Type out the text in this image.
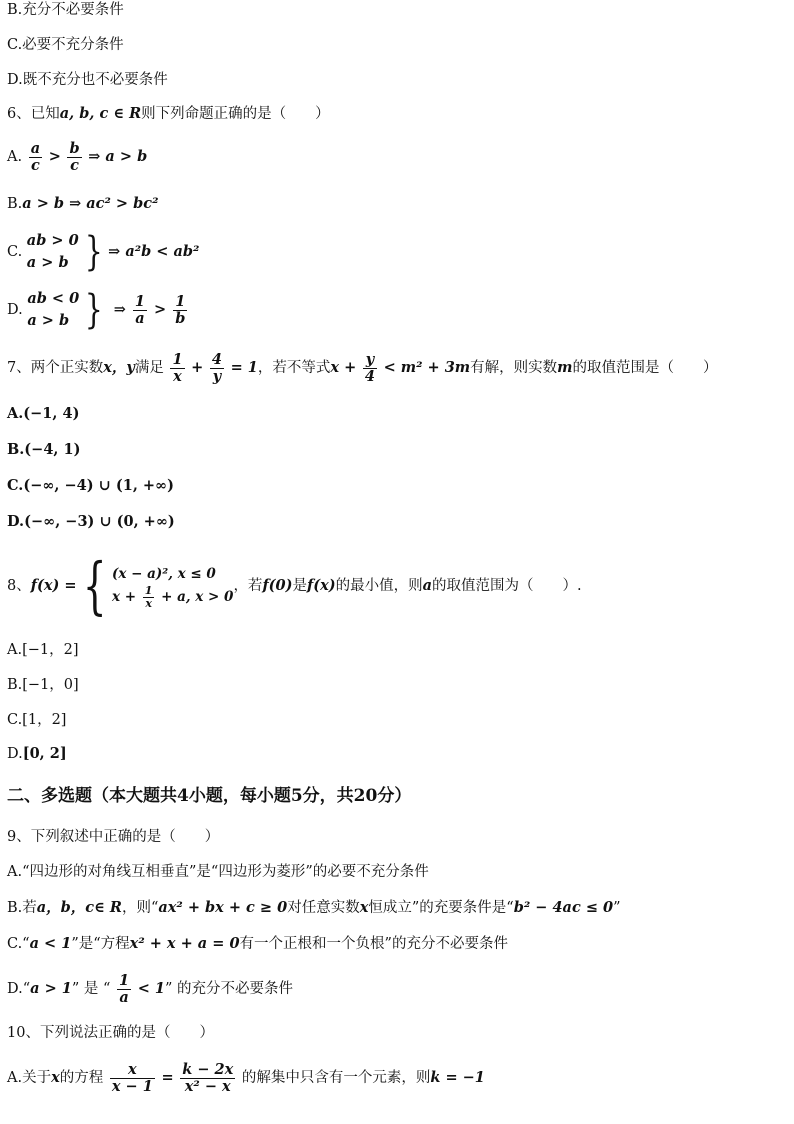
B.充分不必要条件
C.必要不充分条件
D.既不充分也不必要条件
6、已知a, b, c ∈ R则下列命题正确的是（　　）
A. $\frac{a}{c} > \frac{b}{c}$ ⇒ a > b
B.a > b ⇒ ac² > bc²
C.
ab > 0
a > b } ⇒ a²b < ab²
D.
ab < 0
a > b } ⇒ $\frac{1}{a} > \frac{1}{b}$
7、两个正实数x，y满足 $\frac{1}{x} + \frac{4}{y} = 1$，若不等式$x + \frac{y}{4} < m^2 + 3m$有解，则实数m的取值范围是（　　）
A.(−1, 4)
B.(−4, 1)
C.(−∞, −4) ∪ (1, +∞)
D.(−∞, −3) ∪ (0, +∞)
8、 f(x) = { (x − a)², x ≤ 0
$x + \frac{1}{x} + a$, x > 0
，若 f(0) 是 f(x) 的最小值，则 a 的取值范围为（　　）.
A.[−1，2]
B.[−1，0]
C.[1，2]
D.[0, 2]
二、多选题（本大题共4小题，每小题5分，共20分）
9、下列叙述中正确的是（　　）
A.“四边形的对角线互相垂直”是“四边形为菱形”的必要不充分条件
B.若a，b，c∈ R，则“ax² + bx + c ≥ 0对任意实数x恒成立”的充要条件是“b² − 4ac ≤ 0”
C.“a < 1”是“方程x² + x + a = 0有一个正根和一个负根”的充分不必要条件
D.“a > 1” 是 “ $\frac{1}{a} < 1$” 的充分不必要条件
10、下列说法正确的是（　　）
A.关于x的方程 $\frac{x}{x - 1} = \frac{k - 2x}{\text{x² − x}}$ 的解集中只含有一个元素，则k = −1
